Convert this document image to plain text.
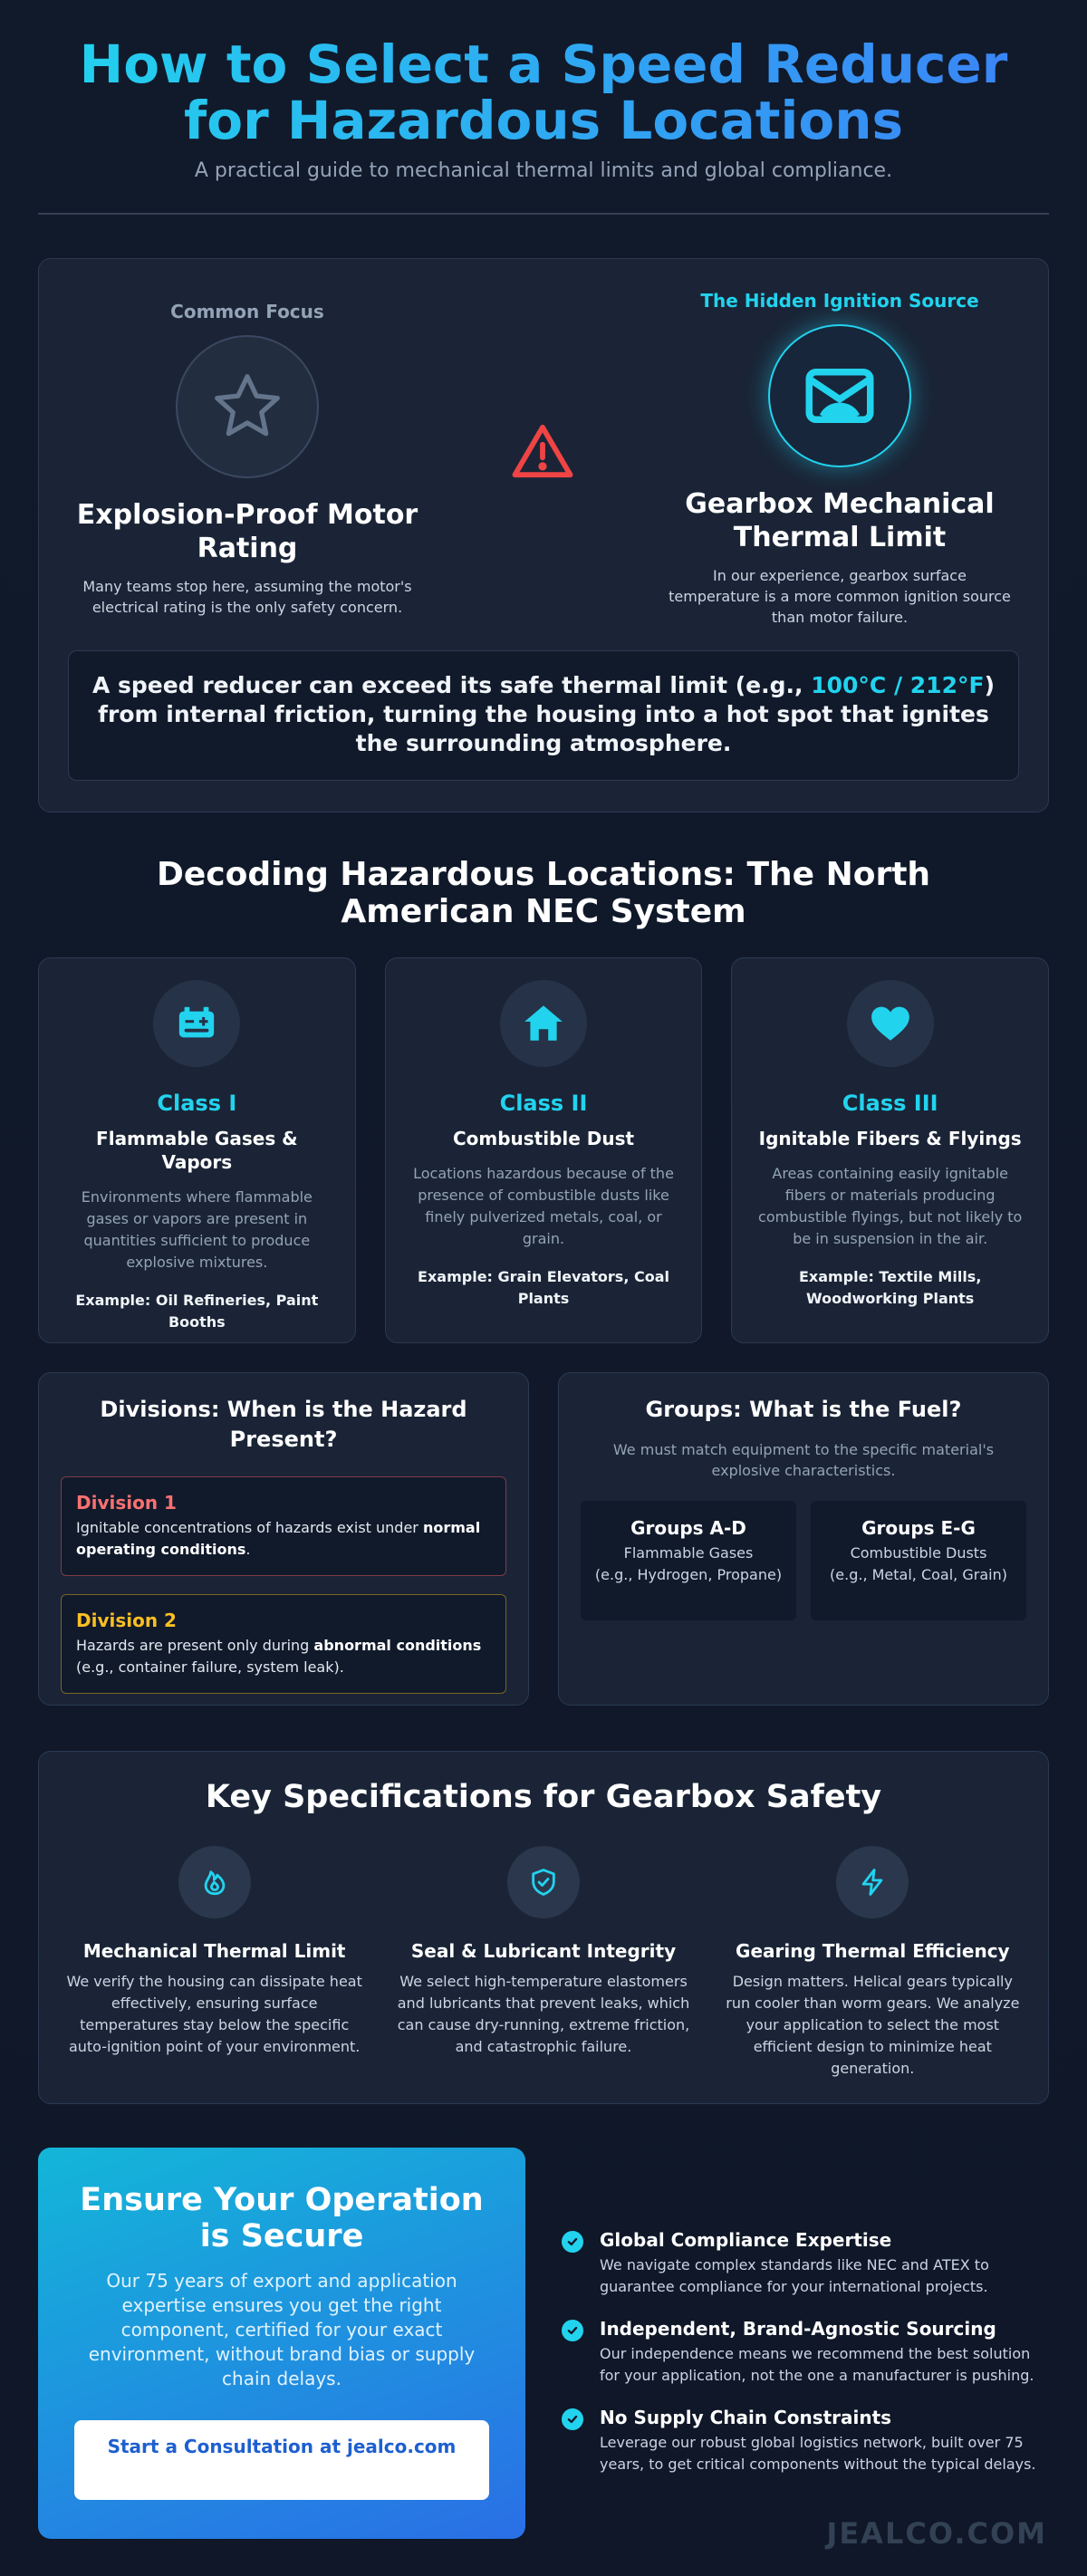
How to Select a Speed Reducer for Hazardous Locations

A practical guide to mechanical thermal limits and global compliance.

Common Focus
Explosion-Proof Motor Rating

Many teams stop here, assuming the motor's electrical rating is the only safety concern.

The Hidden Ignition Source
Gearbox Mechanical Thermal Limit

In our experience, gearbox surface temperature is a more common ignition source than motor failure.

A speed reducer can exceed its safe thermal limit (e.g., 100°C / 212°F) from internal friction, turning the housing into a hot spot that ignites the surrounding atmosphere.
Decoding Hazardous Locations: The North American NEC System
Class I
Flammable Gases & Vapors
Environments where flammable gases or vapors are present in quantities sufficient to produce explosive mixtures.
Example: Oil Refineries, Paint Booths
Class II
Combustible Dust
Locations hazardous because of the presence of combustible dusts like finely pulverized metals, coal, or grain.
Example: Grain Elevators, Coal Plants
Class III
Ignitable Fibers & Flyings
Areas containing easily ignitable fibers or materials producing combustible flyings, but not likely to be in suspension in the air.
Example: Textile Mills, Woodworking Plants
Divisions: When is the Hazard Present?
Division 1
Ignitable concentrations of hazards exist under normal operating conditions.
Division 2
Hazards are present only during abnormal conditions (e.g., container failure, system leak).
Groups: What is the Fuel?
We must match equipment to the specific material's explosive characteristics.
Groups A-D
Flammable Gases
(e.g., Hydrogen, Propane)
Groups E-G
Combustible Dusts
(e.g., Metal, Coal, Grain)
Key Specifications for Gearbox Safety
Mechanical Thermal Limit
We verify the housing can dissipate heat effectively, ensuring surface temperatures stay below the specific auto-ignition point of your environment.
Seal & Lubricant Integrity
We select high-temperature elastomers and lubricants that prevent leaks, which can cause dry-running, extreme friction, and catastrophic failure.
Gearing Thermal Efficiency
Design matters. Helical gears typically run cooler than worm gears. We analyze your application to select the most efficient design to minimize heat generation.
Ensure Your Operation is Secure

Our 75 years of export and application expertise ensures you get the right component, certified for your exact environment, without brand bias or supply chain delays.

Start a Consultation at jealco.com
Global Compliance Expertise
We navigate complex standards like NEC and ATEX to guarantee compliance for your international projects.
Independent, Brand-Agnostic Sourcing
Our independence means we recommend the best solution for your application, not the one a manufacturer is pushing.
No Supply Chain Constraints
Leverage our robust global logistics network, built over 75 years, to get critical components without the typical delays.
JEALCO.COM
